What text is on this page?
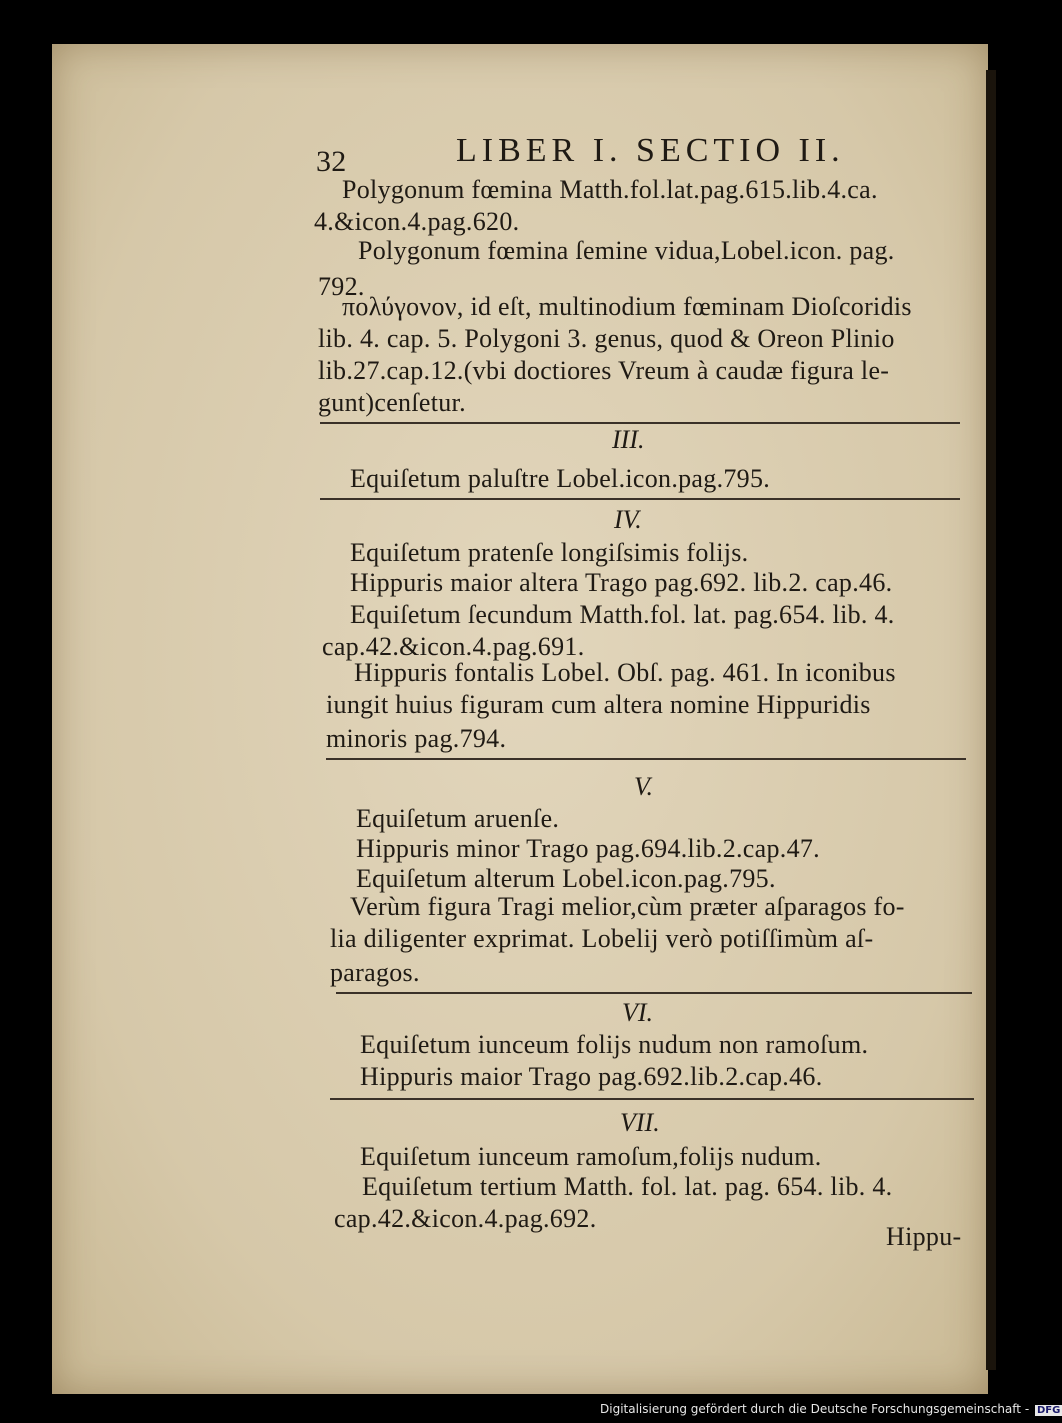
32	LIBER I. SECTIO II.
Polygonum fœmina Matth.fol.lat.pag.615.lib.4.ca.
4.&icon.4.pag.620.
Polygonum fœmina ſemine vidua,Lobel.icon. pag.
792.
πολύγονον, id eſt, multinodium fœminam Dioſcoridis
lib. 4. cap. 5. Polygoni 3. genus, quod & Oreon Plinio
lib.27.cap.12.(vbi doctiores Vreum à caudæ figura le-
gunt)cenſetur.
III.
Equiſetum paluſtre Lobel.icon.pag.795.
IV.
Equiſetum pratenſe longiſsimis folijs.
Hippuris maior altera Trago pag.692. lib.2. cap.46.
Equiſetum ſecundum Matth.fol. lat. pag.654. lib. 4.
cap.42.&icon.4.pag.691.
Hippuris fontalis Lobel. Obſ. pag. 461. In iconibus
iungit huius figuram cum altera nomine Hippuridis
minoris pag.794.
V.
Equiſetum aruenſe.
Hippuris minor Trago pag.694.lib.2.cap.47.
Equiſetum alterum Lobel.icon.pag.795.
Verùm figura Tragi melior,cùm præter aſparagos fo-
lia diligenter exprimat. Lobelij verò potiſſimùm aſ-
paragos.
VI.
Equiſetum iunceum folijs nudum non ramoſum.
Hippuris maior Trago pag.692.lib.2.cap.46.
VII.
Equiſetum iunceum ramoſum,folijs nudum.
Equiſetum tertium Matth. fol. lat. pag. 654. lib. 4.
cap.42.&icon.4.pag.692.
Hippu-
Digitalisierung gefördert durch die Deutsche Forschungsgemeinschaft - DFG
